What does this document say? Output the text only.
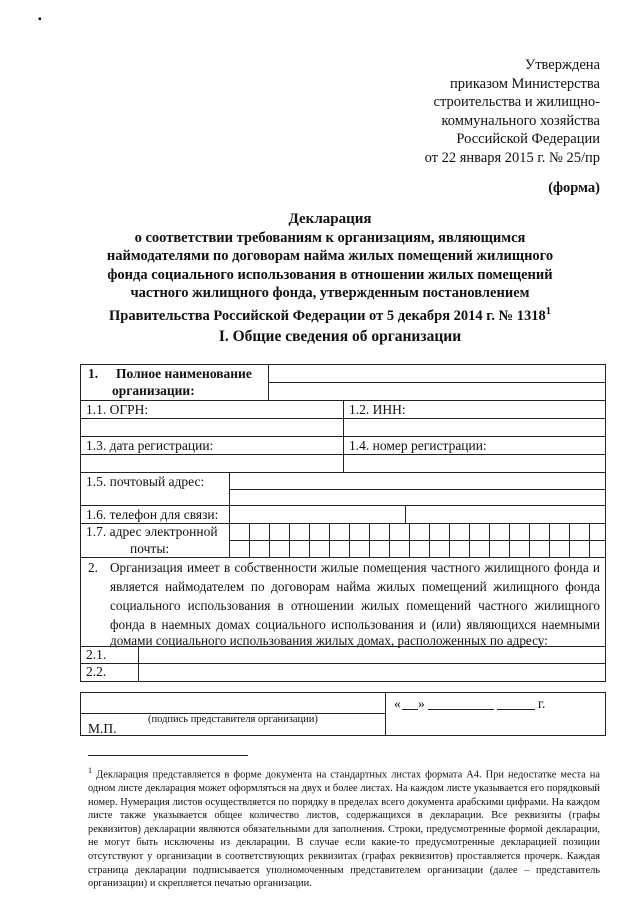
▪
Утверждена
приказом Министерства
строительства и жилищно-
коммунального хозяйства
Российской Федерации
от 22 января 2015 г. № 25/пр
(форма)
Декларация
о соответствии требованиям к организациям, являющимся
наймодателями по договорам найма жилых помещений жилищного
фонда социального использования в отношении жилых помещений
частного жилищного фонда, утвержденным постановлением
Правительства Российской Федерации от 5 декабря 2014 г. № 1318$^1$
I. Общие сведения об организации
1. Полное наименование
организации:
1.1. ОГРН:	1.2. ИНН:
1.3. дата регистрации:	1.4. номер регистрации:
1.5. почтовый адрес:
1.6. телефон для связи:
1.7. адрес электронной
почты:
2. Организация имеет в собственности жилые помещения частного жилищного фонда и
является наймодателем по договорам найма жилых помещений жилищного фонда
социального использования в отношении жилых помещений частного жилищного
фонда в наемных домах социального использования и (или) являющихся наемными
домами социального использования жилых домах, расположенных по адресу:
2.1.
2.2.
(подпись представителя организации)
М.П.
« »	г.
$^1$ Декларация представляется в форме документа на стандартных листах формата А4. При недостатке места на одном листе декларация может оформляться на двух и более листах. На каждом листе указывается его порядковый номер. Нумерация листов осуществляется по порядку в пределах всего документа арабскими цифрами. На каждом листе также указывается общее количество листов, содержащихся в декларации. Все реквизиты (графы реквизитов) декларации являются обязательными для заполнения. Строки, предусмотренные формой декларации, не могут быть исключены из декларации. В случае если какие-то предусмотренные декларацией позиции отсутствуют у организации в соответствующих реквизитах (графах реквизитов) проставляется прочерк. Каждая страница декларации подписывается уполномоченным представителем организации (далее – представитель организации) и скрепляется печатью организации.
